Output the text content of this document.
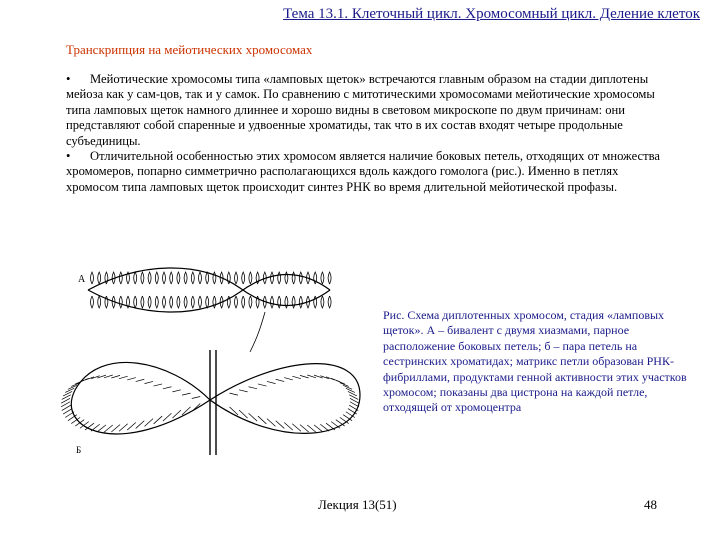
Тема 13.1. Клеточный цикл. Хромосомный цикл. Деление клеток
Транскрипция на мейотических хромосомах

• Мейотические хромосомы типа «ламповых щеток» встречаются главным образом на стадии диплотены мейоза как у сам-цов, так и у самок. По сравнению с митотическими хромосомами мейотические хромосомы типа ламповых щеток намного длиннее и хорошо видны в световом микроскопе по двум причинам: они представляют собой спаренные и удвоенные хроматиды, так что в их состав входят четыре продольные субъединицы.

• Отличительной особенностью этих хромосом является наличие боковых петель, отходящих от множества хромомеров, попарно симметрично располагающихся вдоль каждого гомолога (рис.). Именно в петлях хромосом типа ламповых щеток происходит синтез РНК во время длительной мейотической профазы.

А
Б
Рис. Схема диплотенных хромосом, стадия «ламповых щеток». А – бивалент с двумя хиазмами, парное расположение боковых петель; б – пара петель на сестринских хроматидах; матрикс петли образован РНК-фибриллами, продуктами генной активности этих участков хромосом; показаны два цистрона на каждой петле, отходящей от хромоцентра
Лекция 13(51)	48
